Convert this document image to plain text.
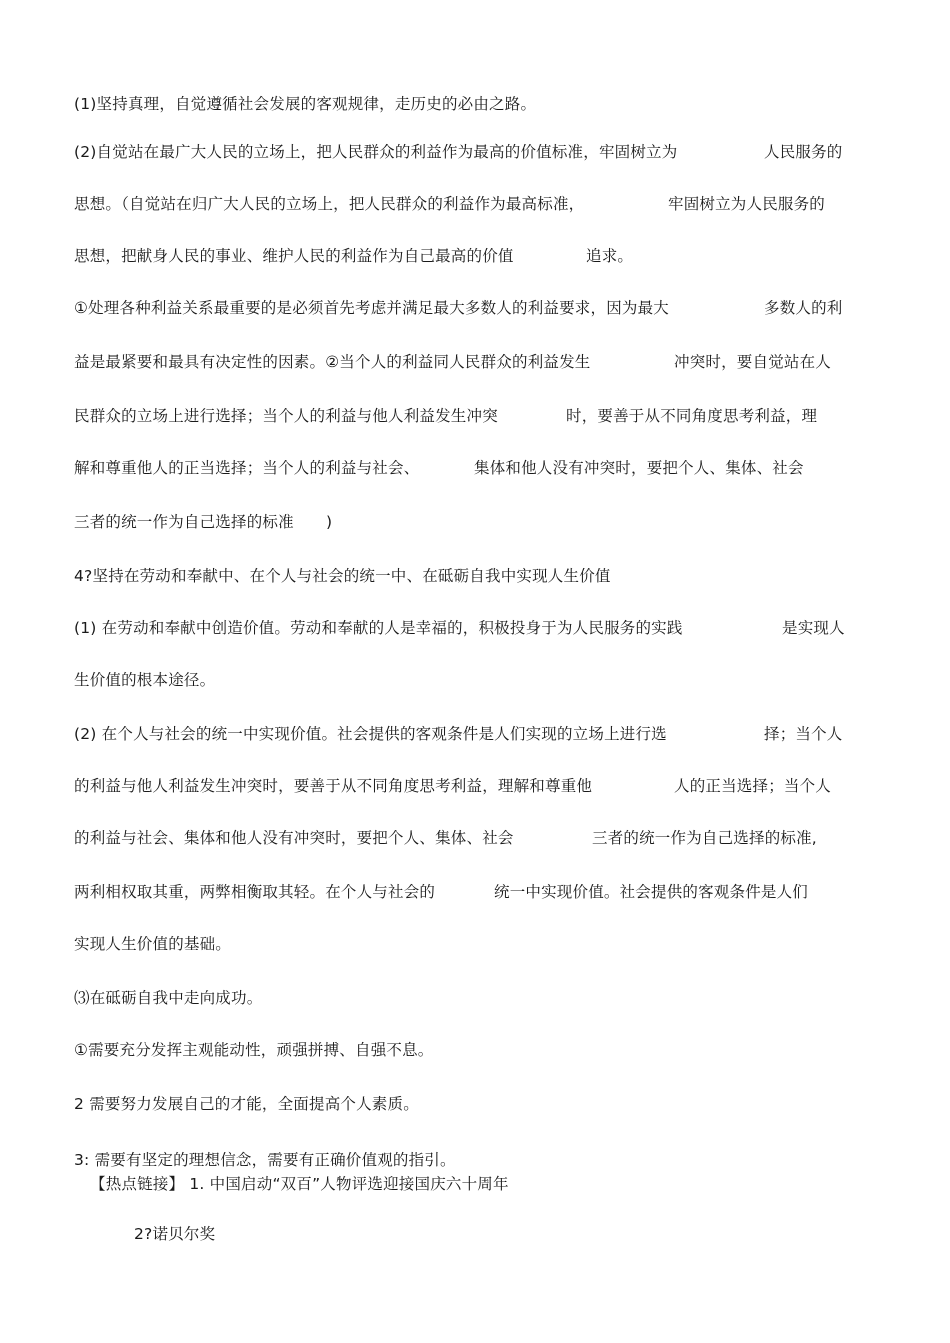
(1)坚持真理，自觉遵循社会发展的客观规律，走历史的必由之路。
(2)自觉站在最广大人民的立场上，把人民群众的利益作为最高的价值标准，牢固树立为	人民服务的
思想。（自觉站在归广大人民的立场上，把人民群众的利益作为最高标准，	牢固树立为人民服务的
思想，把献身人民的事业、维护人民的利益作为自己最高的价值	追求。
①处理各种利益关系最重要的是必须首先考虑并满足最大多数人的利益要求，因为最大	多数人的利
益是最紧要和最具有决定性的因素。②当个人的利益同人民群众的利益发生	冲突时，要自觉站在人
民群众的立场上进行选择；当个人的利益与他人利益发生冲突	时，要善于从不同角度思考利益，理
解和尊重他人的正当选择；当个人的利益与社会、	集体和他人没有冲突时，要把个人、集体、社会
三者的统一作为自己选择的标准 )
4?坚持在劳动和奉献中、在个人与社会的统一中、在砥砺自我中实现人生价值
(1) 在劳动和奉献中创造价值。劳动和奉献的人是幸福的，积极投身于为人民服务的实践	是实现人
生价值的根本途径。
(2) 在个人与社会的统一中实现价值。社会提供的客观条件是人们实现的立场上进行选	择；当个人
的利益与他人利益发生冲突时，要善于从不同角度思考利益，理解和尊重他	人的正当选择；当个人
的利益与社会、集体和他人没有冲突时，要把个人、集体、社会	三者的统一作为自己选择的标准,
两利相权取其重，两弊相衡取其轻。在个人与社会的	统一中实现价值。社会提供的客观条件是人们
实现人生价值的基础。
⑶在砥砺自我中走向成功。
①需要充分发挥主观能动性，顽强拼搏、自强不息。
2 需要努力发展自己的才能，全面提高个人素质。
3: 需要有坚定的理想信念，需要有正确价值观的指引。
【热点链接】 1. 中国启动“双百”人物评选迎接国庆六十周年
2?诺贝尔奖
